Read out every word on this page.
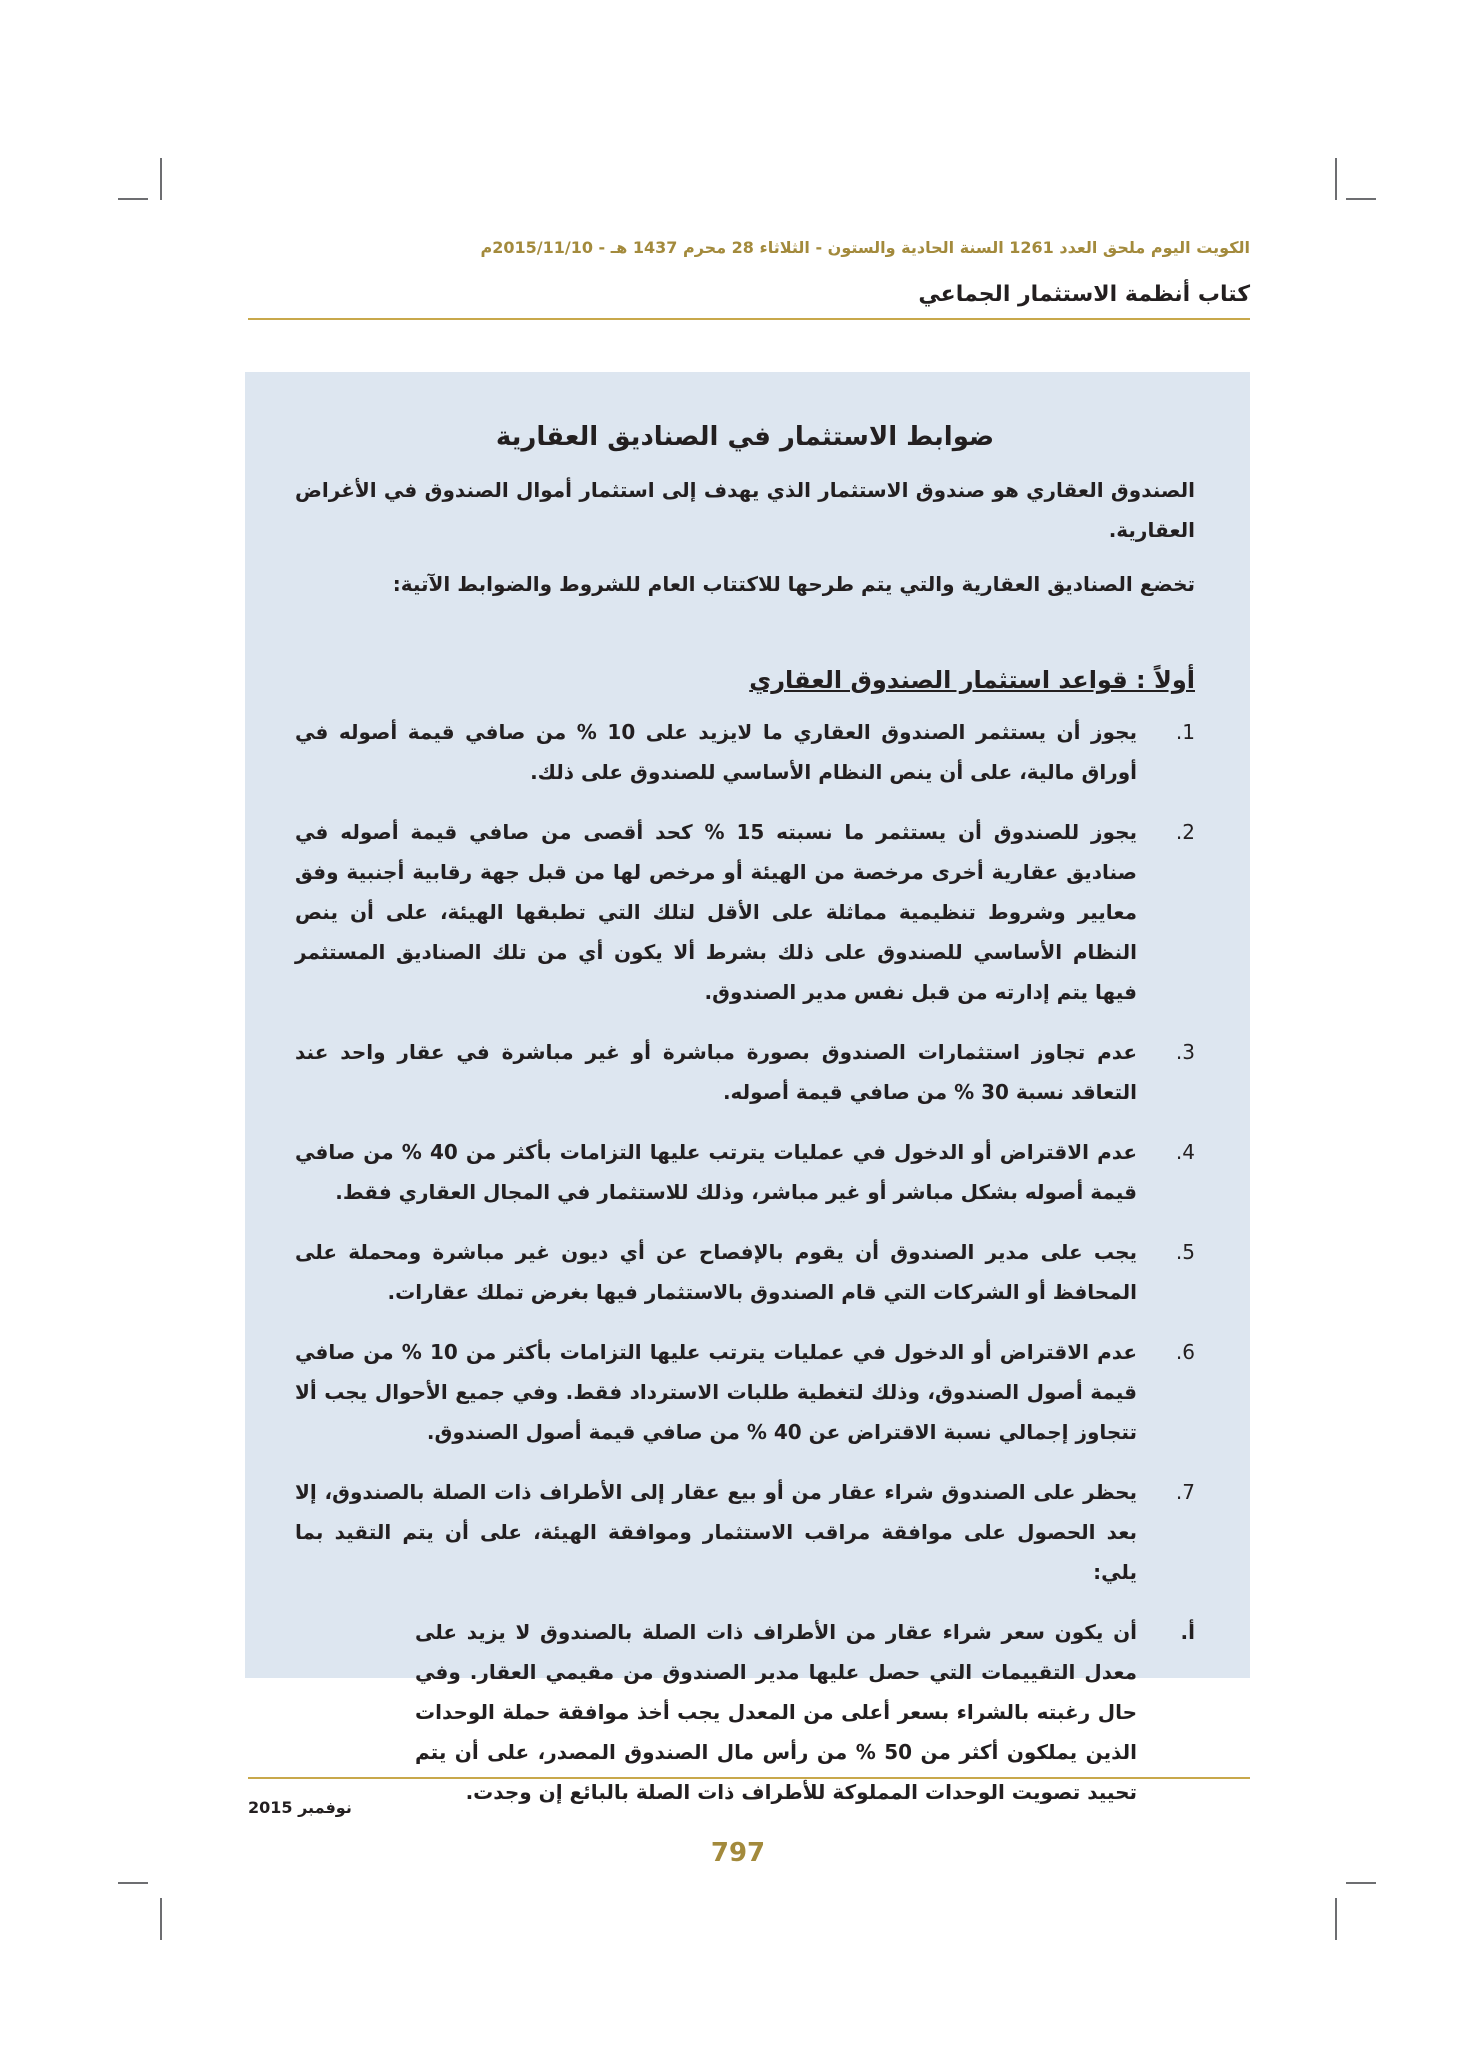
الكويت اليوم ملحق العدد 1261 السنة الحادية والستون - الثلاثاء 28 محرم 1437 هـ - 2015/11/10م
كتاب أنظمة الاستثمار الجماعي
ضوابط الاستثمار في الصناديق العقارية

الصندوق العقاري هو صندوق الاستثمار الذي يهدف إلى استثمار أموال الصندوق في الأغراض العقارية.

تخضع الصناديق العقارية والتي يتم طرحها للاكتتاب العام للشروط والضوابط الآتية:

أولاً : قواعد استثمار الصندوق العقاري
1.
يجوز أن يستثمر الصندوق العقاري ما لايزيد على 10 % من صافي قيمة أصوله في أوراق مالية، على أن ينص النظام الأساسي للصندوق على ذلك.
2.
يجوز للصندوق أن يستثمر ما نسبته 15 % كحد أقصى من صافي قيمة أصوله في صناديق عقارية أخرى مرخصة من الهيئة أو مرخص لها من قبل جهة رقابية أجنبية وفق معايير وشروط تنظيمية مماثلة على الأقل لتلك التي تطبقها الهيئة، على أن ينص النظام الأساسي للصندوق على ذلك بشرط ألا يكون أي من تلك الصناديق المستثمر فيها يتم إدارته من قبل نفس مدير الصندوق.
3.
عدم تجاوز استثمارات الصندوق بصورة مباشرة أو غير مباشرة في عقار واحد عند التعاقد نسبة 30 % من صافي قيمة أصوله.
4.
عدم الاقتراض أو الدخول في عمليات يترتب عليها التزامات بأكثر من 40 % من صافي قيمة أصوله بشكل مباشر أو غير مباشر، وذلك للاستثمار في المجال العقاري فقط.
5.
يجب على مدير الصندوق أن يقوم بالإفصاح عن أي ديون غير مباشرة ومحملة على المحافظ أو الشركات التي قام الصندوق بالاستثمار فيها بغرض تملك عقارات.
6.
عدم الاقتراض أو الدخول في عمليات يترتب عليها التزامات بأكثر من 10 % من صافي قيمة أصول الصندوق، وذلك لتغطية طلبات الاسترداد فقط. وفي جميع الأحوال يجب ألا تتجاوز إجمالي نسبة الاقتراض عن 40 % من صافي قيمة أصول الصندوق.
7.
يحظر على الصندوق شراء عقار من أو بيع عقار إلى الأطراف ذات الصلة بالصندوق، إلا بعد الحصول على موافقة مراقب الاستثمار وموافقة الهيئة، على أن يتم التقيد بما يلي:
أ.
أن يكون سعر شراء عقار من الأطراف ذات الصلة بالصندوق لا يزيد على معدل التقييمات التي حصل عليها مدير الصندوق من مقيمي العقار. وفي حال رغبته بالشراء بسعر أعلى من المعدل يجب أخذ موافقة حملة الوحدات الذين يملكون أكثر من 50 % من رأس مال الصندوق المصدر، على أن يتم تحييد تصويت الوحدات المملوكة للأطراف ذات الصلة بالبائع إن وجدت.
نوفمبر 2015
797
